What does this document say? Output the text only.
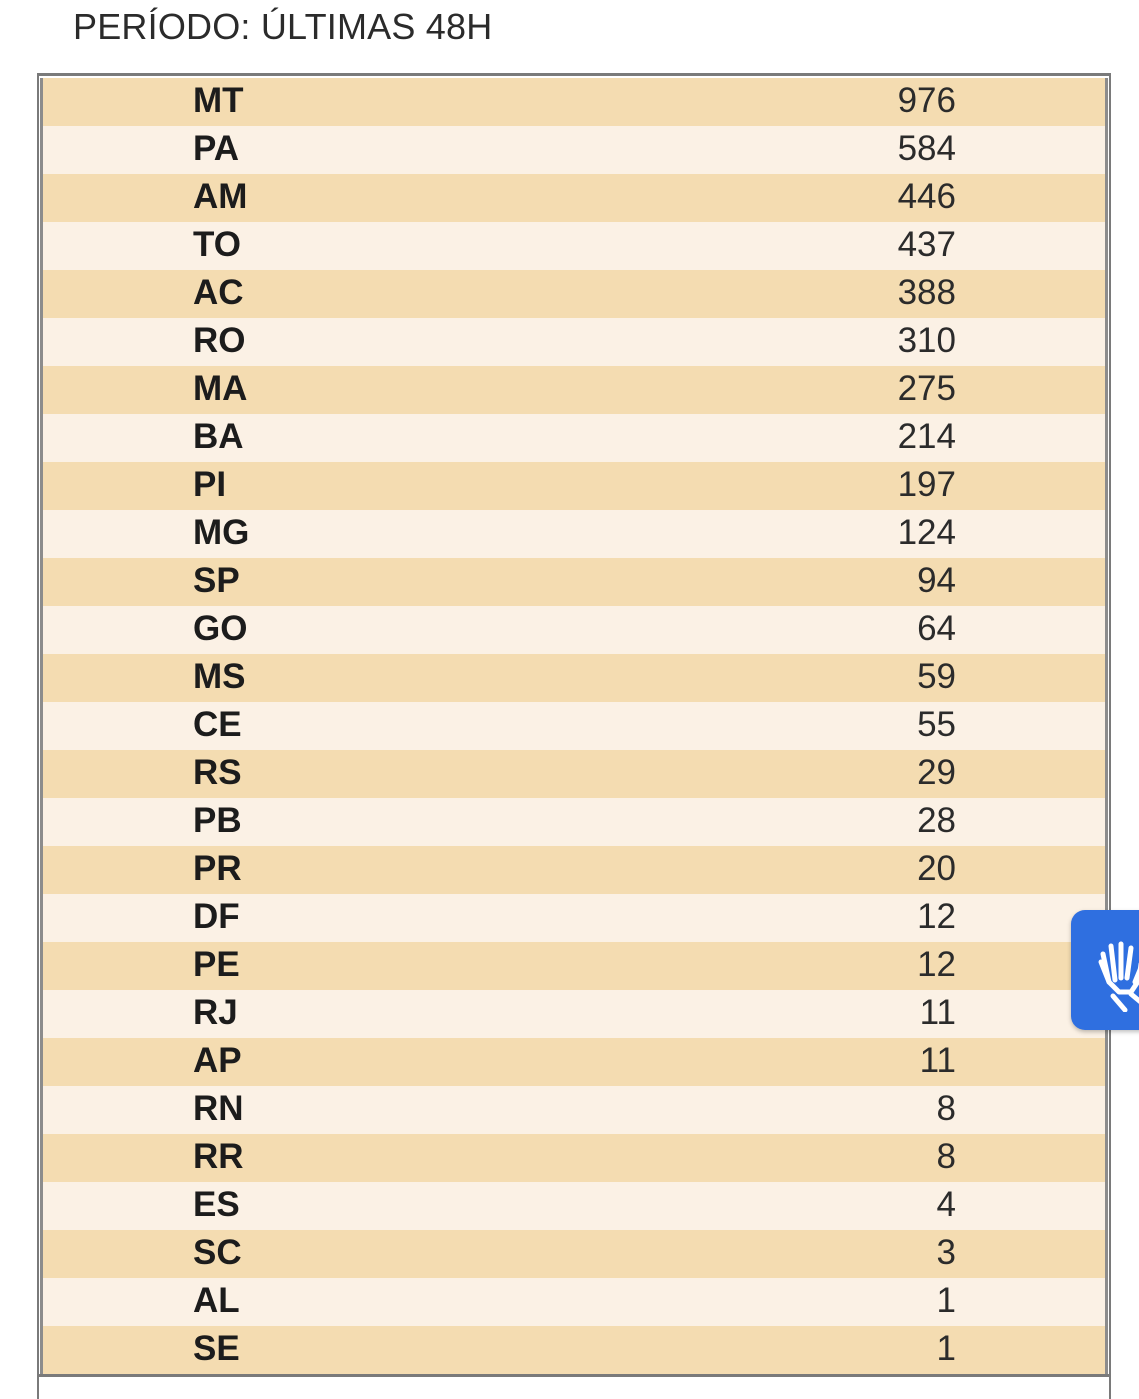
PERÍODO: ÚLTIMAS 48H
MT	976
PA	584
AM	446
TO	437
AC	388
RO	310
MA	275
BA	214
PI	197
MG	124
SP	94
GO	64
MS	59
CE	55
RS	29
PB	28
PR	20
DF	12
PE	12
RJ	11
AP	11
RN	8
RR	8
ES	4
SC	3
AL	1
SE	1
